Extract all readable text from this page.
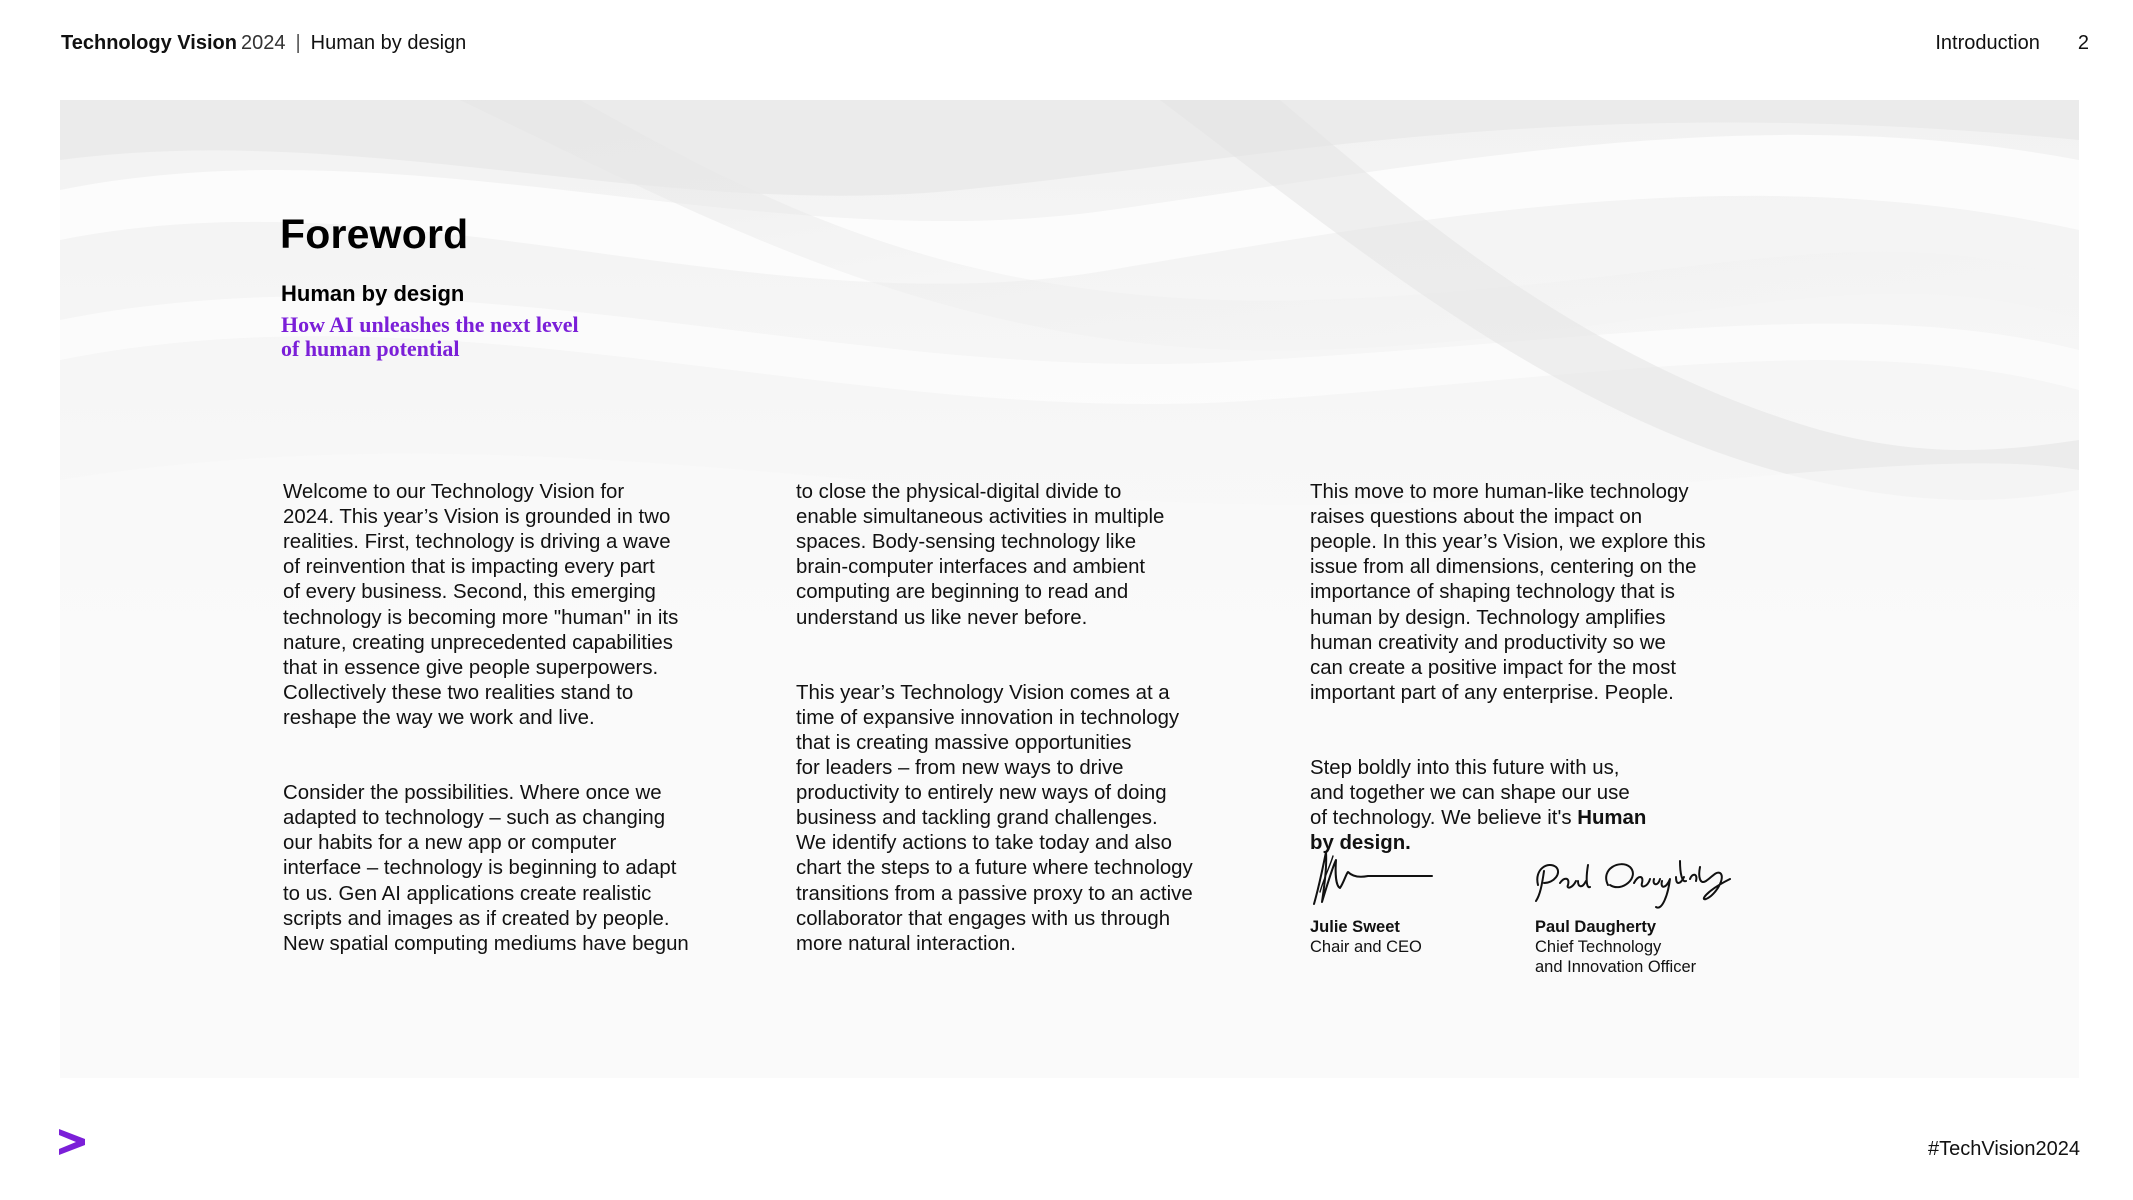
Technology Vision 2024 | Human by design	Introduction 2
Foreword
Human by design
How AI unleashes the next level of human potential

Welcome to our Technology Vision for
2024. This year’s Vision is grounded in two
realities. First, technology is driving a wave
of reinvention that is impacting every part
of every business. Second, this emerging
technology is becoming more "human" in its
nature, creating unprecedented capabilities
that in essence give people superpowers.
Collectively these two realities stand to
reshape the way we work and live.

Consider the possibilities. Where once we
adapted to technology – such as changing
our habits for a new app or computer
interface – technology is beginning to adapt
to us. Gen AI applications create realistic
scripts and images as if created by people.
New spatial computing mediums have begun

to close the physical-digital divide to
enable simultaneous activities in multiple
spaces. Body-sensing technology like
brain-computer interfaces and ambient
computing are beginning to read and
understand us like never before.

This year’s Technology Vision comes at a
time of expansive innovation in technology
that is creating massive opportunities
for leaders – from new ways to drive
productivity to entirely new ways of doing
business and tackling grand challenges.
We identify actions to take today and also
chart the steps to a future where technology
transitions from a passive proxy to an active
collaborator that engages with us through
more natural interaction.

This move to more human-like technology
raises questions about the impact on
people. In this year’s Vision, we explore this
issue from all dimensions, centering on the
importance of shaping technology that is
human by design. Technology amplifies
human creativity and productivity so we
can create a positive impact for the most
important part of any enterprise. People.

Step boldly into this future with us,
and together we can shape our use
of technology. We believe it's Human
by design.

Julie Sweet
Chair and CEO
Paul Daugherty
Chief Technology
and Innovation Officer
#TechVision2024
